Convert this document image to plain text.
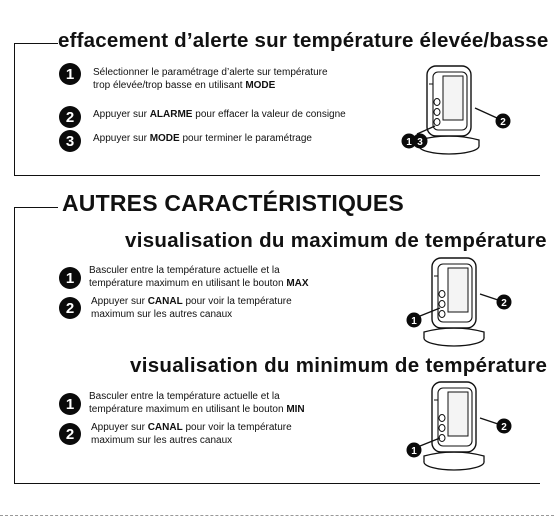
effacement d’alerte sur température élevée/basse
1	Sélectionner le paramétrage d’alerte sur température
trop élevée/trop basse en utilisant MODE
2	Appuyer sur ALARME pour effacer la valeur de consigne
3	Appuyer sur MODE pour terminer le paramétrage	1 3
2
AUTRES CARACTÉRISTIQUES
visualisation du maximum de température
1	Basculer entre la température actuelle et la
température maximum en utilisant le bouton MAX
2	Appuyer sur CANAL pour voir la température
maximum sur les autres canaux
1
2
visualisation du minimum de température
1	Basculer entre la température actuelle et la
température maximum en utilisant le bouton MIN
2	Appuyer sur CANAL pour voir la température
maximum sur les autres canaux
1
2
